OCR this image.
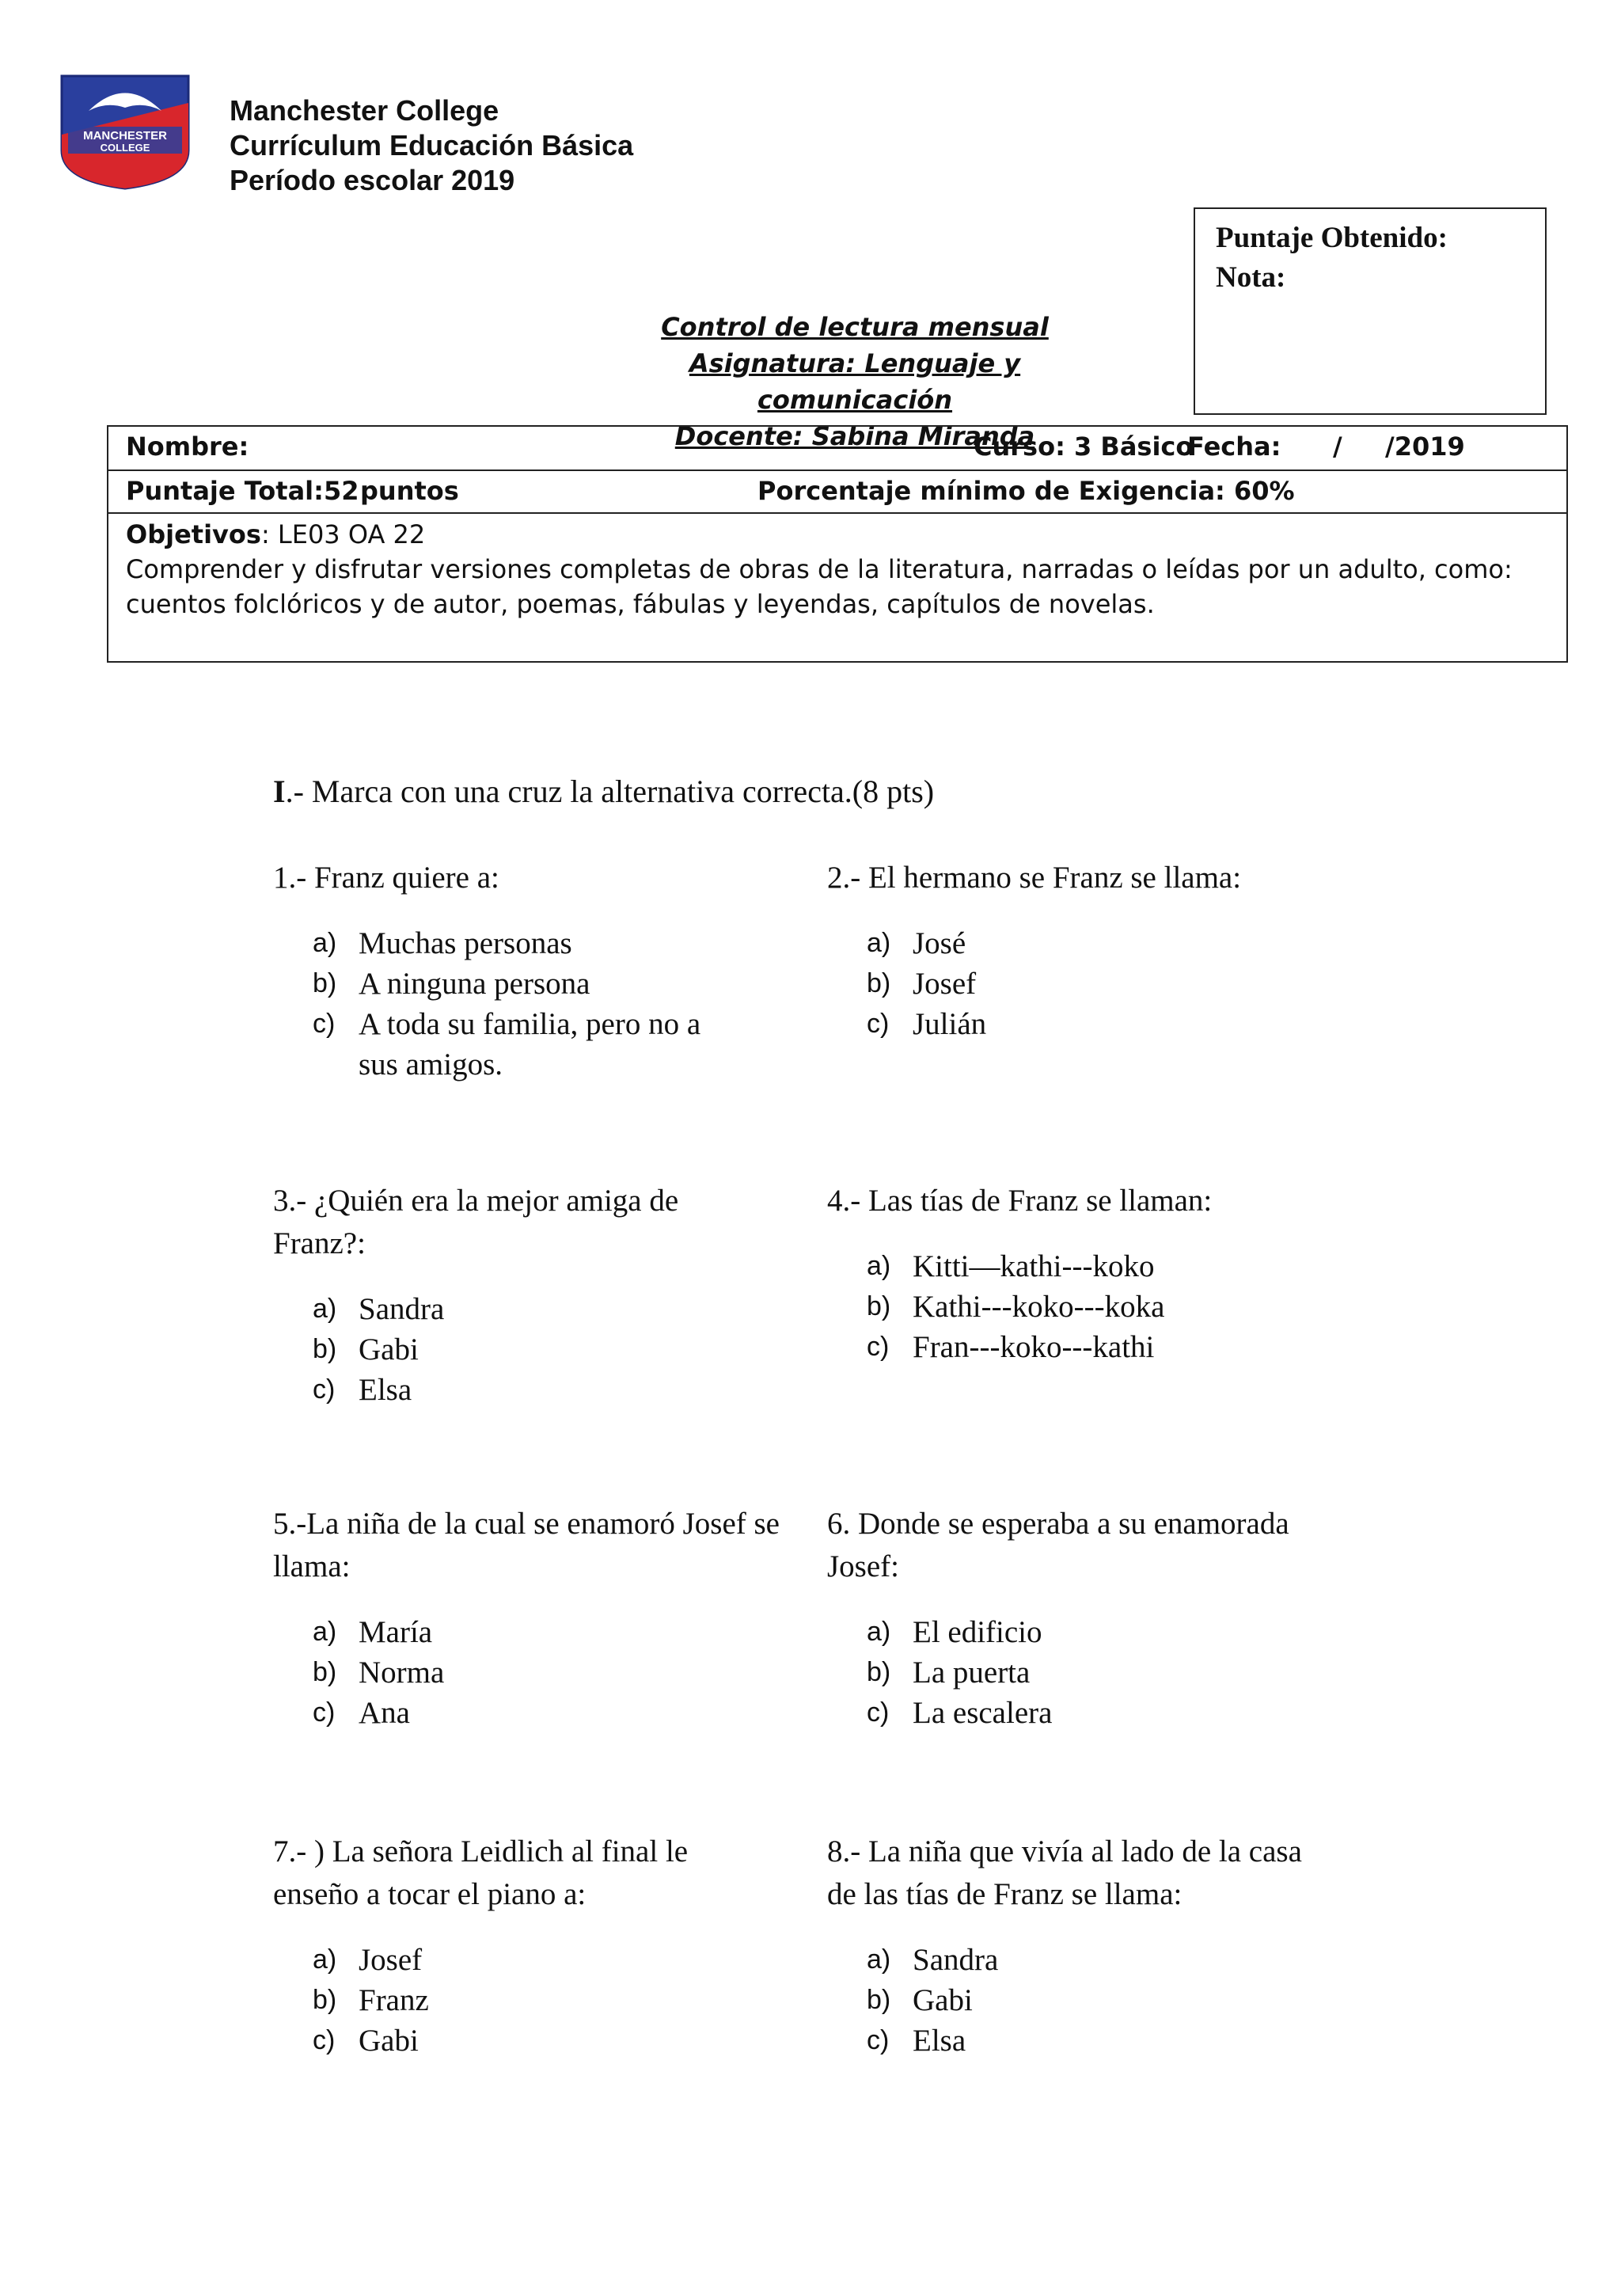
MANCHESTER
COLLEGE
Manchester College
Currículum Educación Básica
Período escolar 2019
Puntaje Obtenido:
Nota:
Control de lectura mensual
Asignatura: Lenguaje y comunicación
Docente: Sabina Miranda
Nombre:	Curso: 3 Básico
Fecha: / /2019
Puntaje Total:52 puntos	Porcentaje mínimo de Exigencia: 60%
Objetivos: LE03 OA 22
Comprender y disfrutar versiones completas de obras de la literatura, narradas o leídas por un adulto, como: cuentos folclóricos y de autor, poemas, fábulas y leyendas, capítulos de novelas.
I.- Marca con una cruz la alternativa correcta.(8 pts)
1.- Franz quiere a:
a) Muchas personas
b) A ninguna persona
c) A toda su familia, pero no a sus amigos.
2.- El hermano se Franz se llama:
a) José
b) Josef
c) Julián
3.- ¿Quién era la mejor amiga de Franz?:
a) Sandra
b) Gabi
c) Elsa
4.- Las tías de Franz se llaman:
a) Kitti—kathi---koko
b) Kathi---koko---koka
c) Fran---koko---kathi
5.-La niña de la cual se enamoró Josef se llama:
a) María
b) Norma
c) Ana
6. Donde se esperaba a su enamorada Josef:
a) El edificio
b) La puerta
c) La escalera
7.- ) La señora Leidlich al final le enseño a tocar el piano a:
a) Josef
b) Franz
c) Gabi
8.- La niña que vivía al lado de la casa de las tías de Franz se llama:
a) Sandra
b) Gabi
c) Elsa
